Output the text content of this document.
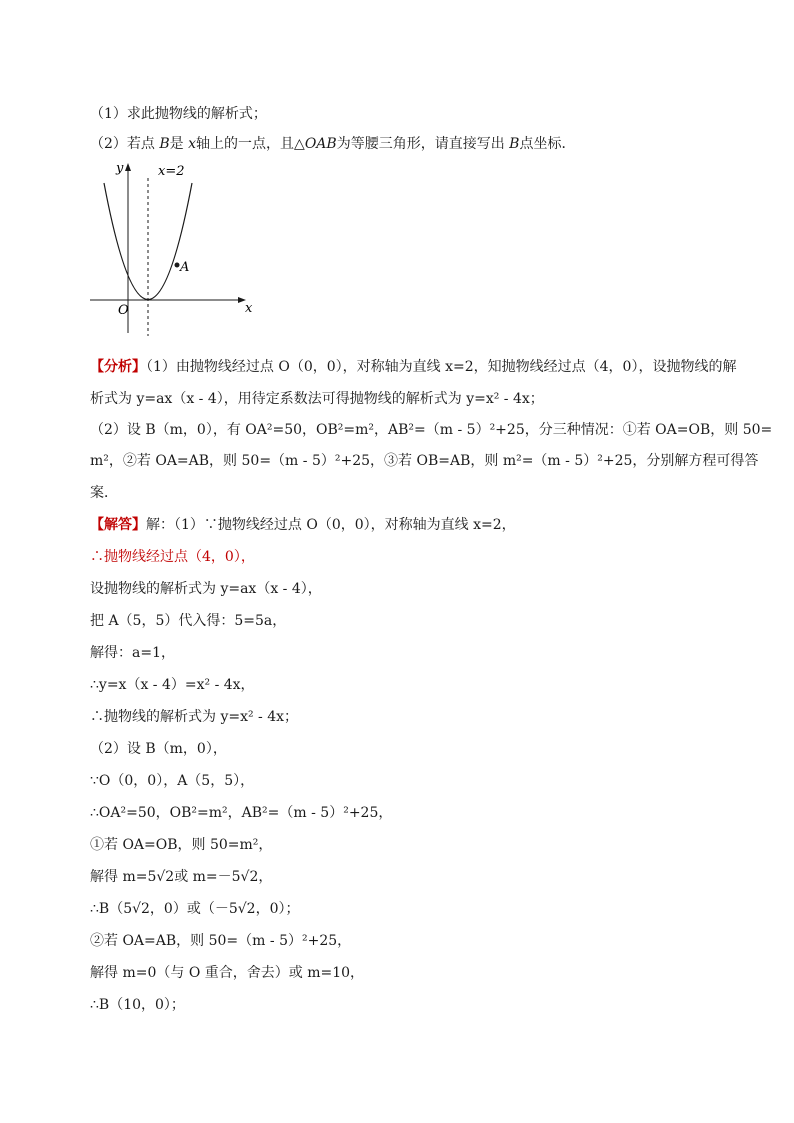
（1）求此抛物线的解析式；
（2）若点 B是 x轴上的一点，且△OAB为等腰三角形，请直接写出 B点坐标．
y
x
O
x=2
A
【分析】（1）由抛物线经过点 O（0，0），对称轴为直线 x=2，知抛物线经过点（4，0），设抛物线的解
析式为 y=ax（x - 4），用待定系数法可得抛物线的解析式为 y=x² - 4x；
（2）设 B（m，0），有 OA²=50，OB²=m²，AB²=（m - 5）²+25，分三种情况：①若 OA=OB，则 50=
m²，②若 OA=AB，则 50=（m - 5）²+25，③若 OB=AB，则 m²=（m - 5）²+25，分别解方程可得答
案．
【解答】解：（1）∵抛物线经过点 O（0，0），对称轴为直线 x=2，
∴抛物线经过点（4，0），
设抛物线的解析式为 y=ax（x - 4），
把 A（5，5）代入得：5=5a，
解得：a=1，
∴y=x（x - 4）=x² - 4x，
∴抛物线的解析式为 y=x² - 4x；
（2）设 B（m，0），
∵O（0，0），A（5，5），
∴OA²=50，OB²=m²，AB²=（m - 5）²+25，
①若 OA=OB，则 50=m²，
解得 m=5√2或 m=－5√2，
∴B（5√2，0）或（－5√2，0）；
②若 OA=AB，则 50=（m - 5）²+25，
解得 m=0（与 O 重合，舍去）或 m=10，
∴B（10，0）；
